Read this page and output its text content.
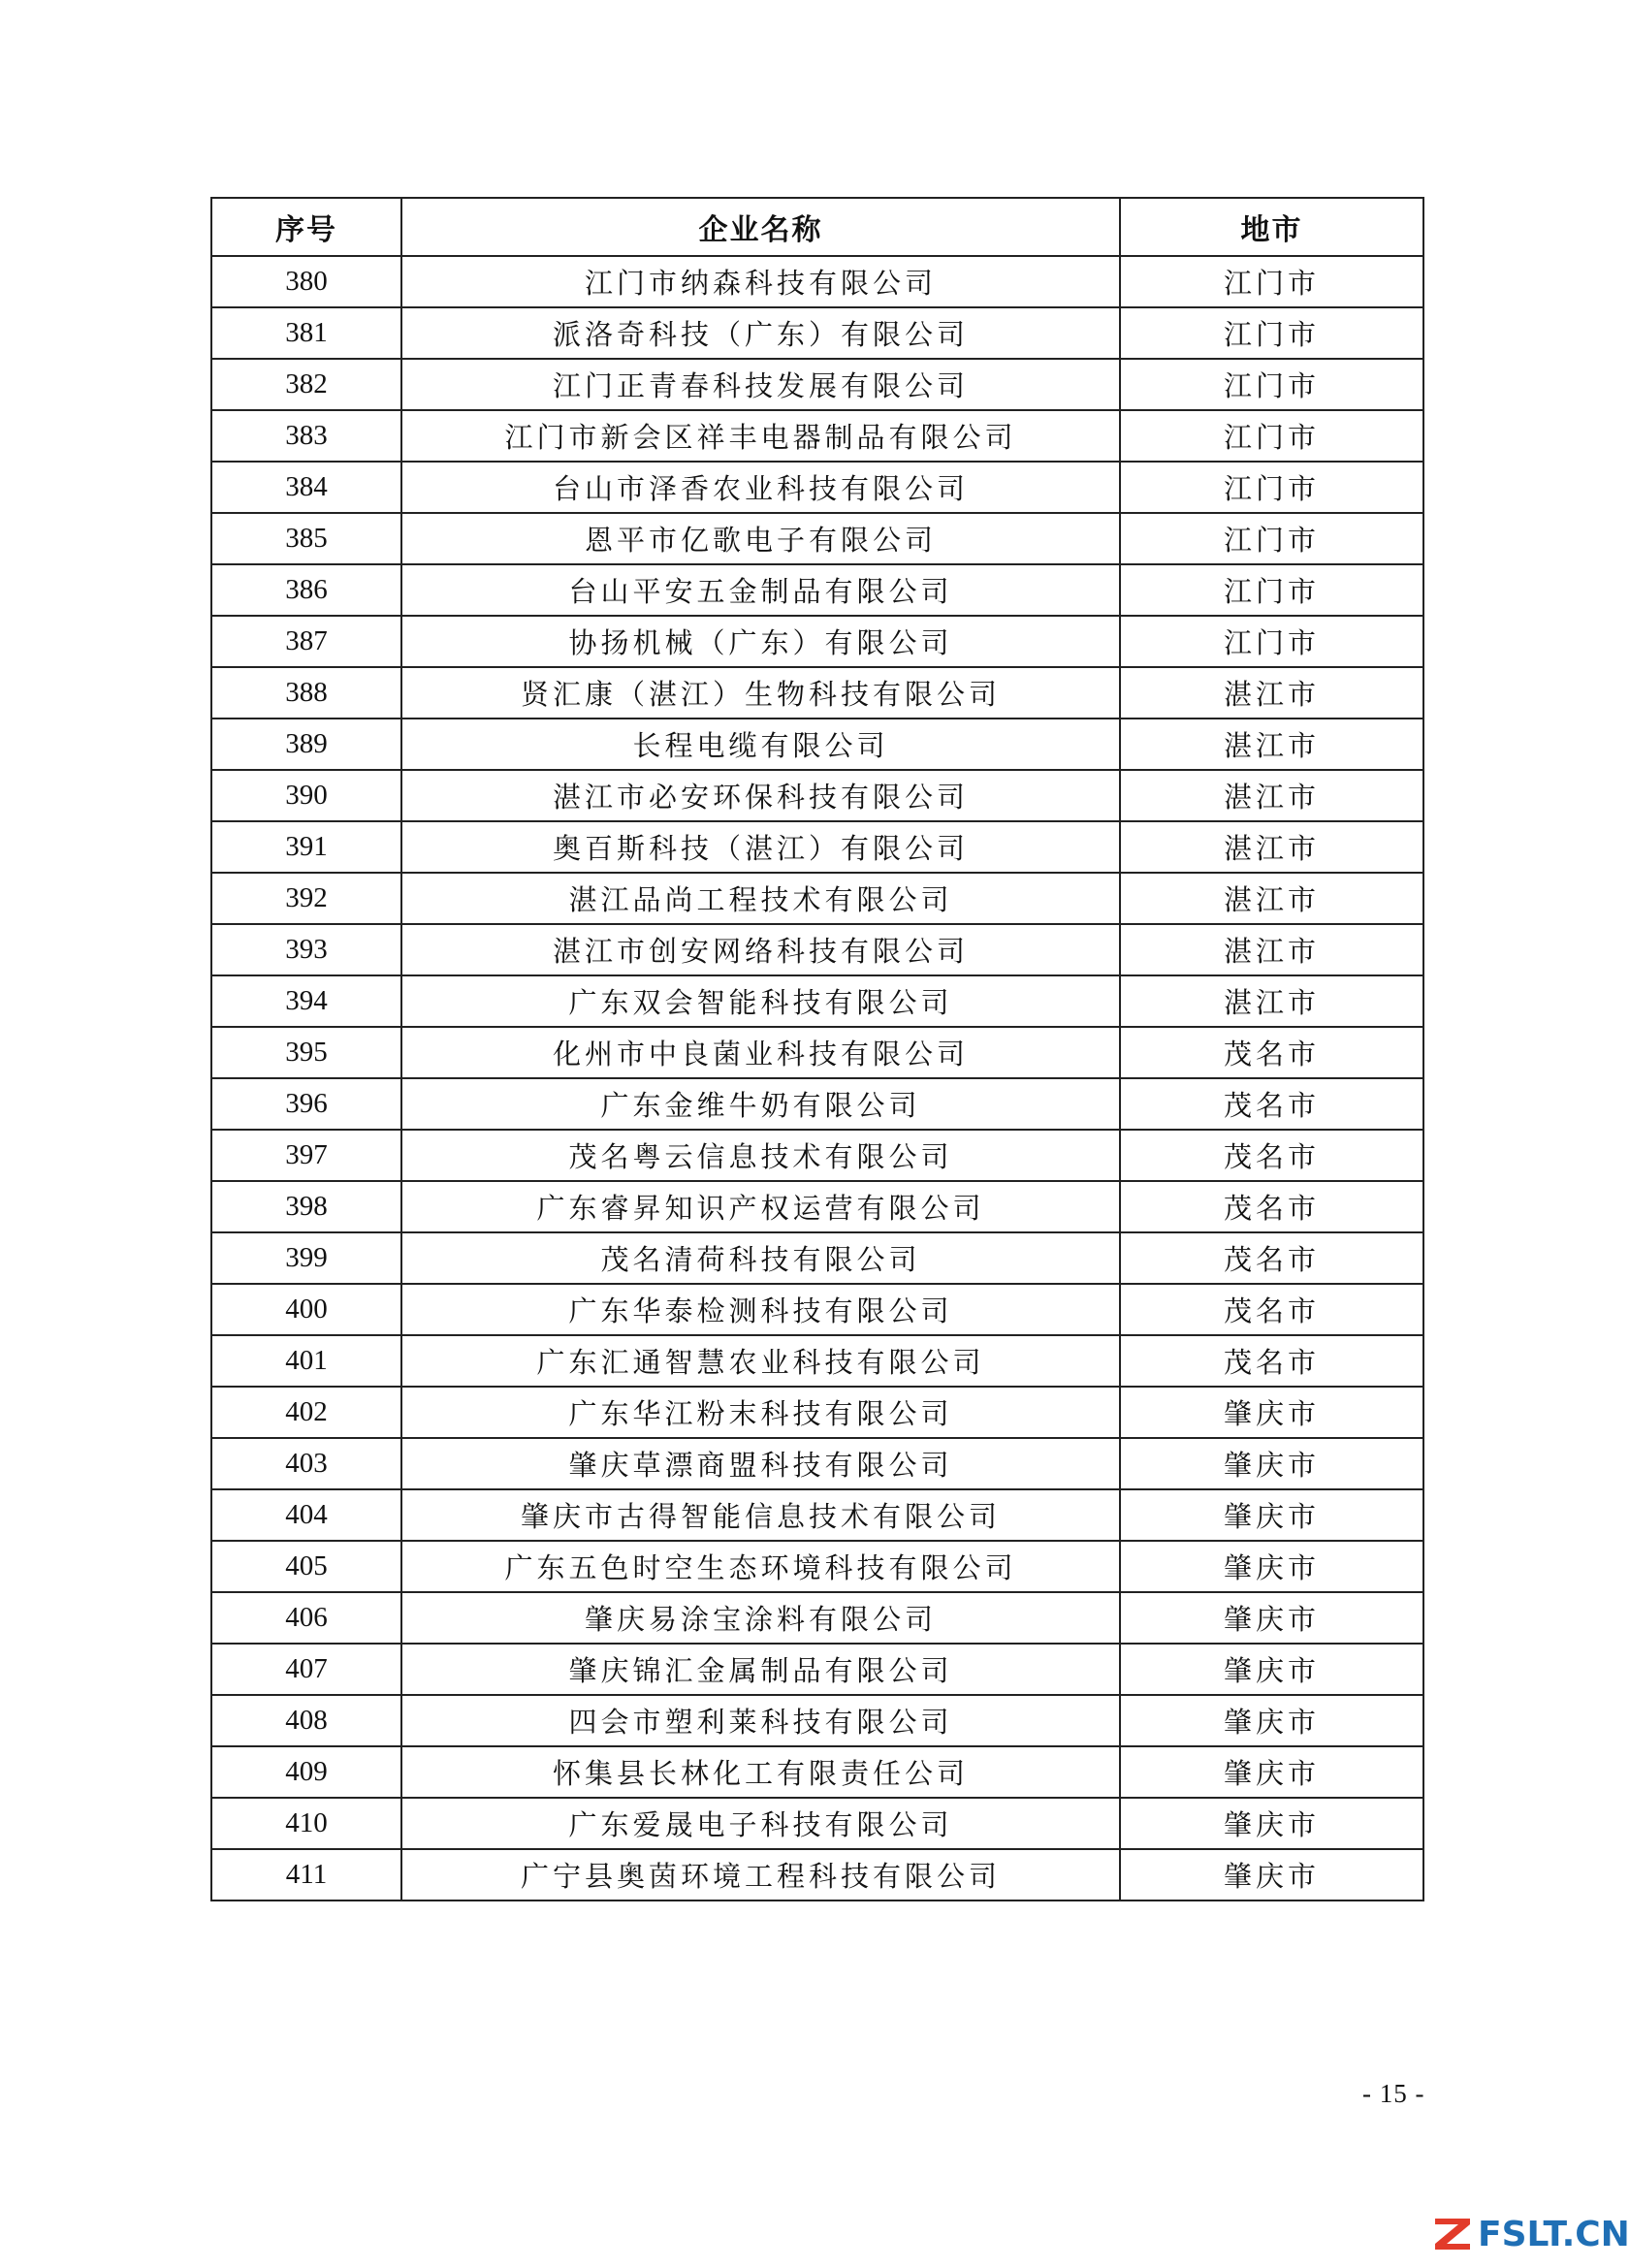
序号	企业名称	地市
380	江门市纳森科技有限公司	江门市
381	派洛奇科技（广东）有限公司	江门市
382	江门正青春科技发展有限公司	江门市
383	江门市新会区祥丰电器制品有限公司	江门市
384	台山市泽香农业科技有限公司	江门市
385	恩平市亿歌电子有限公司	江门市
386	台山平安五金制品有限公司	江门市
387	协扬机械（广东）有限公司	江门市
388	贤汇康（湛江）生物科技有限公司	湛江市
389	长程电缆有限公司	湛江市
390	湛江市必安环保科技有限公司	湛江市
391	奥百斯科技（湛江）有限公司	湛江市
392	湛江品尚工程技术有限公司	湛江市
393	湛江市创安网络科技有限公司	湛江市
394	广东双会智能科技有限公司	湛江市
395	化州市中良菌业科技有限公司	茂名市
396	广东金维牛奶有限公司	茂名市
397	茂名粤云信息技术有限公司	茂名市
398	广东睿昇知识产权运营有限公司	茂名市
399	茂名清荷科技有限公司	茂名市
400	广东华泰检测科技有限公司	茂名市
401	广东汇通智慧农业科技有限公司	茂名市
402	广东华江粉末科技有限公司	肇庆市
403	肇庆草漂商盟科技有限公司	肇庆市
404	肇庆市古得智能信息技术有限公司	肇庆市
405	广东五色时空生态环境科技有限公司	肇庆市
406	肇庆易涂宝涂料有限公司	肇庆市
407	肇庆锦汇金属制品有限公司	肇庆市
408	四会市塑利莱科技有限公司	肇庆市
409	怀集县长林化工有限责任公司	肇庆市
410	广东爱晟电子科技有限公司	肇庆市
411	广宁县奥茵环境工程科技有限公司	肇庆市
- 15 -
FSLT.CN
